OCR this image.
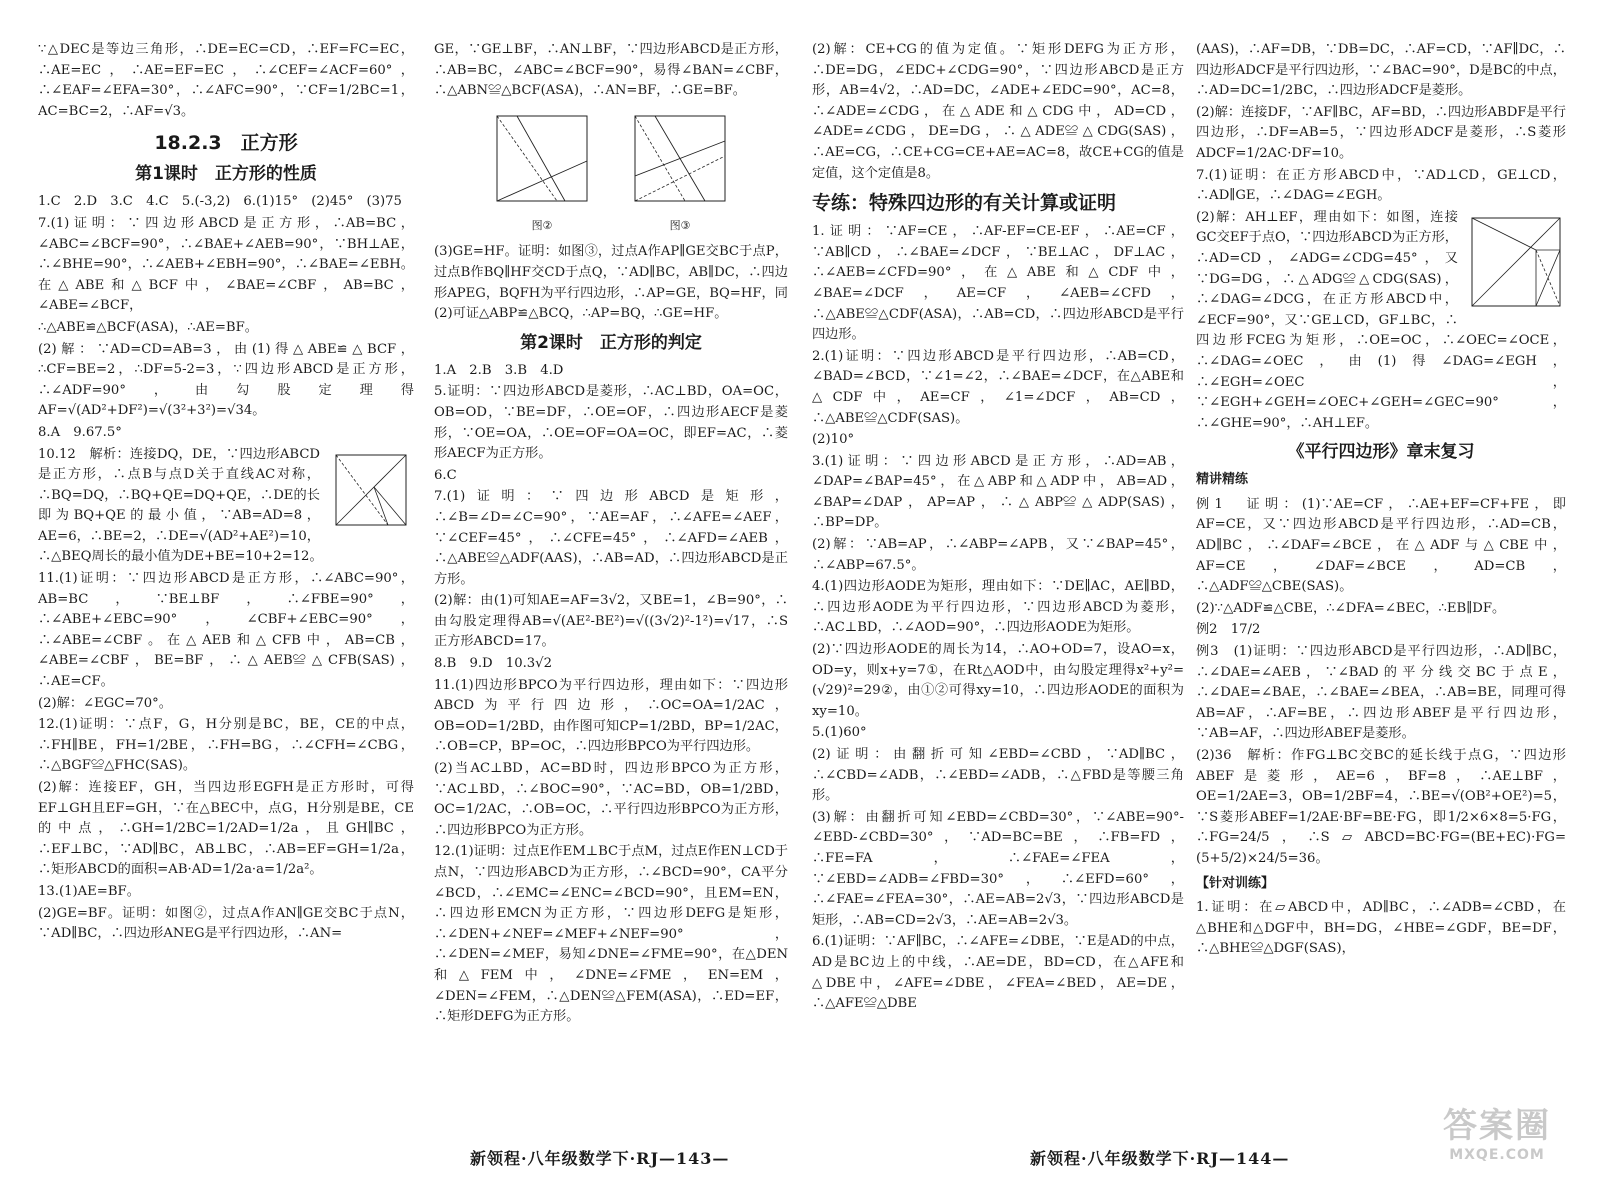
∵△DEC是等边三角形，∴DE=EC=CD，∴EF=FC=EC，∴AE=EC，∴AE=EF=EC，∴∠CEF=∠ACF=60°，∴∠EAF=∠EFA=30°，∴∠AFC=90°，∵CF=1/2BC=1，AC=BC=2，∴AF=√3。

18.2.3　正方形
第1课时　正方形的性质

1.C　2.D　3.C　4.C　5.(-3,2)　6.(1)15°　(2)45°　(3)75

7.(1)证明：∵四边形ABCD是正方形，∴AB=BC，∠ABC=∠BCF=90°，∴∠BAE+∠AEB=90°，∵BH⊥AE，∴∠BHE=90°，∴∠AEB+∠EBH=90°，∴∠BAE=∠EBH。在△ABE和△BCF中，∠BAE=∠CBF，AB=BC，∠ABE=∠BCF，

∴△ABE≌△BCF(ASA)，∴AE=BF。

(2)解：∵AD=CD=AB=3，由(1)得△ABE≌△BCF，∴CF=BE=2，∴DF=5-2=3，∵四边形ABCD是正方形，∴∠ADF=90°，由勾股定理得AF=√(AD²+DF²)=√(3²+3²)=√34。

8.A　9.67.5°

10.12　解析：连接DQ，DE，∵四边形ABCD是正方形，∴点B与点D关于直线AC对称，∴BQ=DQ，∴BQ+QE=DQ+QE，∴DE的长即为BQ+QE的最小值，∵AB=AD=8，AE=6，∴BE=2，∴DE=√(AD²+AE²)=10，∴△BEQ周长的最小值为DE+BE=10+2=12。

11.(1)证明：∵四边形ABCD是正方形，∴∠ABC=90°，AB=BC，∵BE⊥BF，∴∠FBE=90°，∴∠ABE+∠EBC=90°，∠CBF+∠EBC=90°，∴∠ABE=∠CBF。在△AEB和△CFB中，AB=CB，∠ABE=∠CBF，BE=BF，∴△AEB≌△CFB(SAS)，∴AE=CF。

(2)解：∠EGC=70°。

12.(1)证明：∵点F，G，H分别是BC，BE，CE的中点，∴FH∥BE，FH=1/2BE，∴FH=BG，∴∠CFH=∠CBG，∴△BGF≌△FHC(SAS)。

(2)解：连接EF，GH，当四边形EGFH是正方形时，可得EF⊥GH且EF=GH，∵在△BEC中，点G，H分别是BE，CE的中点，∴GH=1/2BC=1/2AD=1/2a，且GH∥BC，∴EF⊥BC，∵AD∥BC，AB⊥BC，∴AB=EF=GH=1/2a，∴矩形ABCD的面积=AB·AD=1/2a·a=1/2a²。

13.(1)AE=BF。

(2)GE=BF。证明：如图②，过点A作AN∥GE交BC于点N，∵AD∥BC，∴四边形ANEG是平行四边形，∴AN=

GE，∵GE⊥BF，∴AN⊥BF，∵四边形ABCD是正方形，∴AB=BC，∠ABC=∠BCF=90°，易得∠BAN=∠CBF，∴△ABN≌△BCF(ASA)，∴AN=BF，∴GE=BF。

图②	图③

(3)GE=HF。证明：如图③，过点A作AP∥GE交BC于点P，过点B作BQ∥HF交CD于点Q，∵AD∥BC，AB∥DC，∴四边形APEG，BQFH为平行四边形，∴AP=GE，BQ=HF，同(2)可证△ABP≌△BCQ，∴AP=BQ，∴GE=HF。

第2课时　正方形的判定

1.A　2.B　3.B　4.D

5.证明：∵四边形ABCD是菱形，∴AC⊥BD，OA=OC，OB=OD，∵BE=DF，∴OE=OF，∴四边形AECF是菱形，∵OE=OA，∴OE=OF=OA=OC，即EF=AC，∴菱形AECF为正方形。

6.C

7.(1)证明：∵四边形ABCD是矩形，∴∠B=∠D=∠C=90°，∵AE=AF，∴∠AFE=∠AEF，∵∠CEF=45°，∴∠CFE=45°，∴∠AFD=∠AEB，∴△ABE≌△ADF(AAS)，∴AB=AD，∴四边形ABCD是正方形。

(2)解：由(1)可知AE=AF=3√2，又BE=1，∠B=90°，∴由勾股定理得AB=√(AE²-BE²)=√((3√2)²-1²)=√17，∴S正方形ABCD=17。

8.B　9.D　10.3√2

11.(1)四边形BPCO为平行四边形，理由如下：∵四边形ABCD为平行四边形，∴OC=OA=1/2AC，OB=OD=1/2BD，由作图可知CP=1/2BD，BP=1/2AC，∴OB=CP，BP=OC，∴四边形BPCO为平行四边形。

(2)当AC⊥BD，AC=BD时，四边形BPCO为正方形，∵AC⊥BD，∴∠BOC=90°，∵AC=BD，OB=1/2BD，OC=1/2AC，∴OB=OC，∴平行四边形BPCO为正方形，∴四边形BPCO为正方形。

12.(1)证明：过点E作EM⊥BC于点M，过点E作EN⊥CD于点N，∵四边形ABCD为正方形，∴∠BCD=90°，CA平分∠BCD，∴∠EMC=∠ENC=∠BCD=90°，且EM=EN，∴四边形EMCN为正方形，∵四边形DEFG是矩形，∴∠DEN+∠NEF=∠MEF+∠NEF=90°，∴∠DEN=∠MEF，易知∠DNE=∠FME=90°，在△DEN和△FEM中，∠DNE=∠FME，EN=EM，∠DEN=∠FEM，∴△DEN≌△FEM(ASA)，∴ED=EF，∴矩形DEFG为正方形。

(2)解：CE+CG的值为定值。∵矩形DEFG为正方形，∴DE=DG，∠EDC+∠CDG=90°，∵四边形ABCD是正方形，AB=4√2，∴AD=DC，∠ADE+∠EDC=90°，AC=8，∴∠ADE=∠CDG，在△ADE和△CDG中，AD=CD，∠ADE=∠CDG，DE=DG，∴△ADE≌△CDG(SAS)，∴AE=CG，∴CE+CG=CE+AE=AC=8，故CE+CG的值是定值，这个定值是8。

专练：特殊四边形的有关计算或证明

1.证明：∵AF=CE，∴AF-EF=CE-EF，∴AE=CF，∵AB∥CD，∴∠BAE=∠DCF，∵BE⊥AC，DF⊥AC，∴∠AEB=∠CFD=90°，在△ABE和△CDF中，∠BAE=∠DCF，AE=CF，∠AEB=∠CFD，∴△ABE≌△CDF(ASA)，∴AB=CD，∴四边形ABCD是平行四边形。

2.(1)证明：∵四边形ABCD是平行四边形，∴AB=CD，∠BAD=∠BCD，∵∠1=∠2，∴∠BAE=∠DCF，在△ABE和△CDF中，AE=CF，∠1=∠DCF，AB=CD，∴△ABE≌△CDF(SAS)。

(2)10°

3.(1)证明：∵四边形ABCD是正方形，∴AD=AB，∠DAP=∠BAP=45°，在△ABP和△ADP中，AB=AD，∠BAP=∠DAP，AP=AP，∴△ABP≌△ADP(SAS)，∴BP=DP。

(2)解：∵AB=AP，∴∠ABP=∠APB，又∵∠BAP=45°，∴∠ABP=67.5°。

4.(1)四边形AODE为矩形，理由如下：∵DE∥AC，AE∥BD，∴四边形AODE为平行四边形，∵四边形ABCD为菱形，∴AC⊥BD，∴∠AOD=90°，∴四边形AODE为矩形。

(2)∵四边形AODE的周长为14，∴AO+OD=7，设AO=x，OD=y，则x+y=7①，在Rt△AOD中，由勾股定理得x²+y²=(√29)²=29②，由①②可得xy=10，∴四边形AODE的面积为xy=10。

5.(1)60°

(2)证明：由翻折可知∠EBD=∠CBD，∵AD∥BC，∴∠CBD=∠ADB，∴∠EBD=∠ADB，∴△FBD是等腰三角形。

(3)解：由翻折可知∠EBD=∠CBD=30°，∵∠ABE=90°-∠EBD-∠CBD=30°，∵AD=BC=BE，∴FB=FD，∴FE=FA，∴∠FAE=∠FEA，∵∠EBD=∠ADB=∠FBD=30°，∴∠EFD=60°，∴∠FAE=∠FEA=30°，∴AE=AB=2√3，∵四边形ABCD是矩形，∴AB=CD=2√3，∴AE=AB=2√3。

6.(1)证明：∵AF∥BC，∴∠AFE=∠DBE，∵E是AD的中点，AD是BC边上的中线，∴AE=DE，BD=CD，在△AFE和△DBE中，∠AFE=∠DBE，∠FEA=∠BED，AE=DE，∴△AFE≌△DBE

(AAS)，∴AF=DB，∵DB=DC，∴AF=CD，∵AF∥DC，∴四边形ADCF是平行四边形，∵∠BAC=90°，D是BC的中点，∴AD=DC=1/2BC，∴四边形ADCF是菱形。

(2)解：连接DF，∵AF∥BC，AF=BD，∴四边形ABDF是平行四边形，∴DF=AB=5，∵四边形ADCF是菱形，∴S菱形ADCF=1/2AC·DF=10。

7.(1)证明：在正方形ABCD中，∵AD⊥CD，GE⊥CD，∴AD∥GE，∴∠DAG=∠EGH。

(2)解：AH⊥EF，理由如下：如图，连接GC交EF于点O，∵四边形ABCD为正方形，∴AD=CD，∠ADG=∠CDG=45°，又∵DG=DG，∴△ADG≌△CDG(SAS)，∴∠DAG=∠DCG，在正方形ABCD中，∠ECF=90°，又∵GE⊥CD，GF⊥BC，∴四边形FCEG为矩形，∴OE=OC，∴∠OEC=∠OCE，∴∠DAG=∠OEC，由(1)得∠DAG=∠EGH，∴∠EGH=∠OEC，∵∠EGH+∠GEH=∠OEC+∠GEH=∠GEC=90°，∴∠GHE=90°，∴AH⊥EF。

《平行四边形》章末复习
精讲精练

例1　证明：(1)∵AE=CF，∴AE+EF=CF+FE，即AF=CE，又∵四边形ABCD是平行四边形，∴AD=CB，AD∥BC，∴∠DAF=∠BCE，在△ADF与△CBE中，AF=CE，∠DAF=∠BCE，AD=CB，∴△ADF≌△CBE(SAS)。

(2)∵△ADF≌△CBE，∴∠DFA=∠BEC，∴EB∥DF。

例2　17/2

例3　(1)证明：∵四边形ABCD是平行四边形，∴AD∥BC，∴∠DAE=∠AEB，∵∠BAD的平分线交BC于点E，∴∠DAE=∠BAE，∴∠BAE=∠BEA，∴AB=BE，同理可得AB=AF，∴AF=BE，∴四边形ABEF是平行四边形，∵AB=AF，∴四边形ABEF是菱形。

(2)36　解析：作FG⊥BC交BC的延长线于点G，∵四边形ABEF是菱形，AE=6，BF=8，∴AE⊥BF，OE=1/2AE=3，OB=1/2BF=4，∴BE=√(OB²+OE²)=5，∵S菱形ABEF=1/2AE·BF=BE·FG，即1/2×6×8=5·FG，∴FG=24/5，∴S▱ABCD=BC·FG=(BE+EC)·FG=(5+5/2)×24/5=36。

【针对训练】

1.证明：在▱ABCD中，AD∥BC，∴∠ADB=∠CBD，在△BHE和△DGF中，BH=DG，∠HBE=∠GDF，BE=DF，∴△BHE≌△DGF(SAS)，

新领程·八年级数学下·RJ—143—	新领程·八年级数学下·RJ—144—
答案圈
MXQE.COM
